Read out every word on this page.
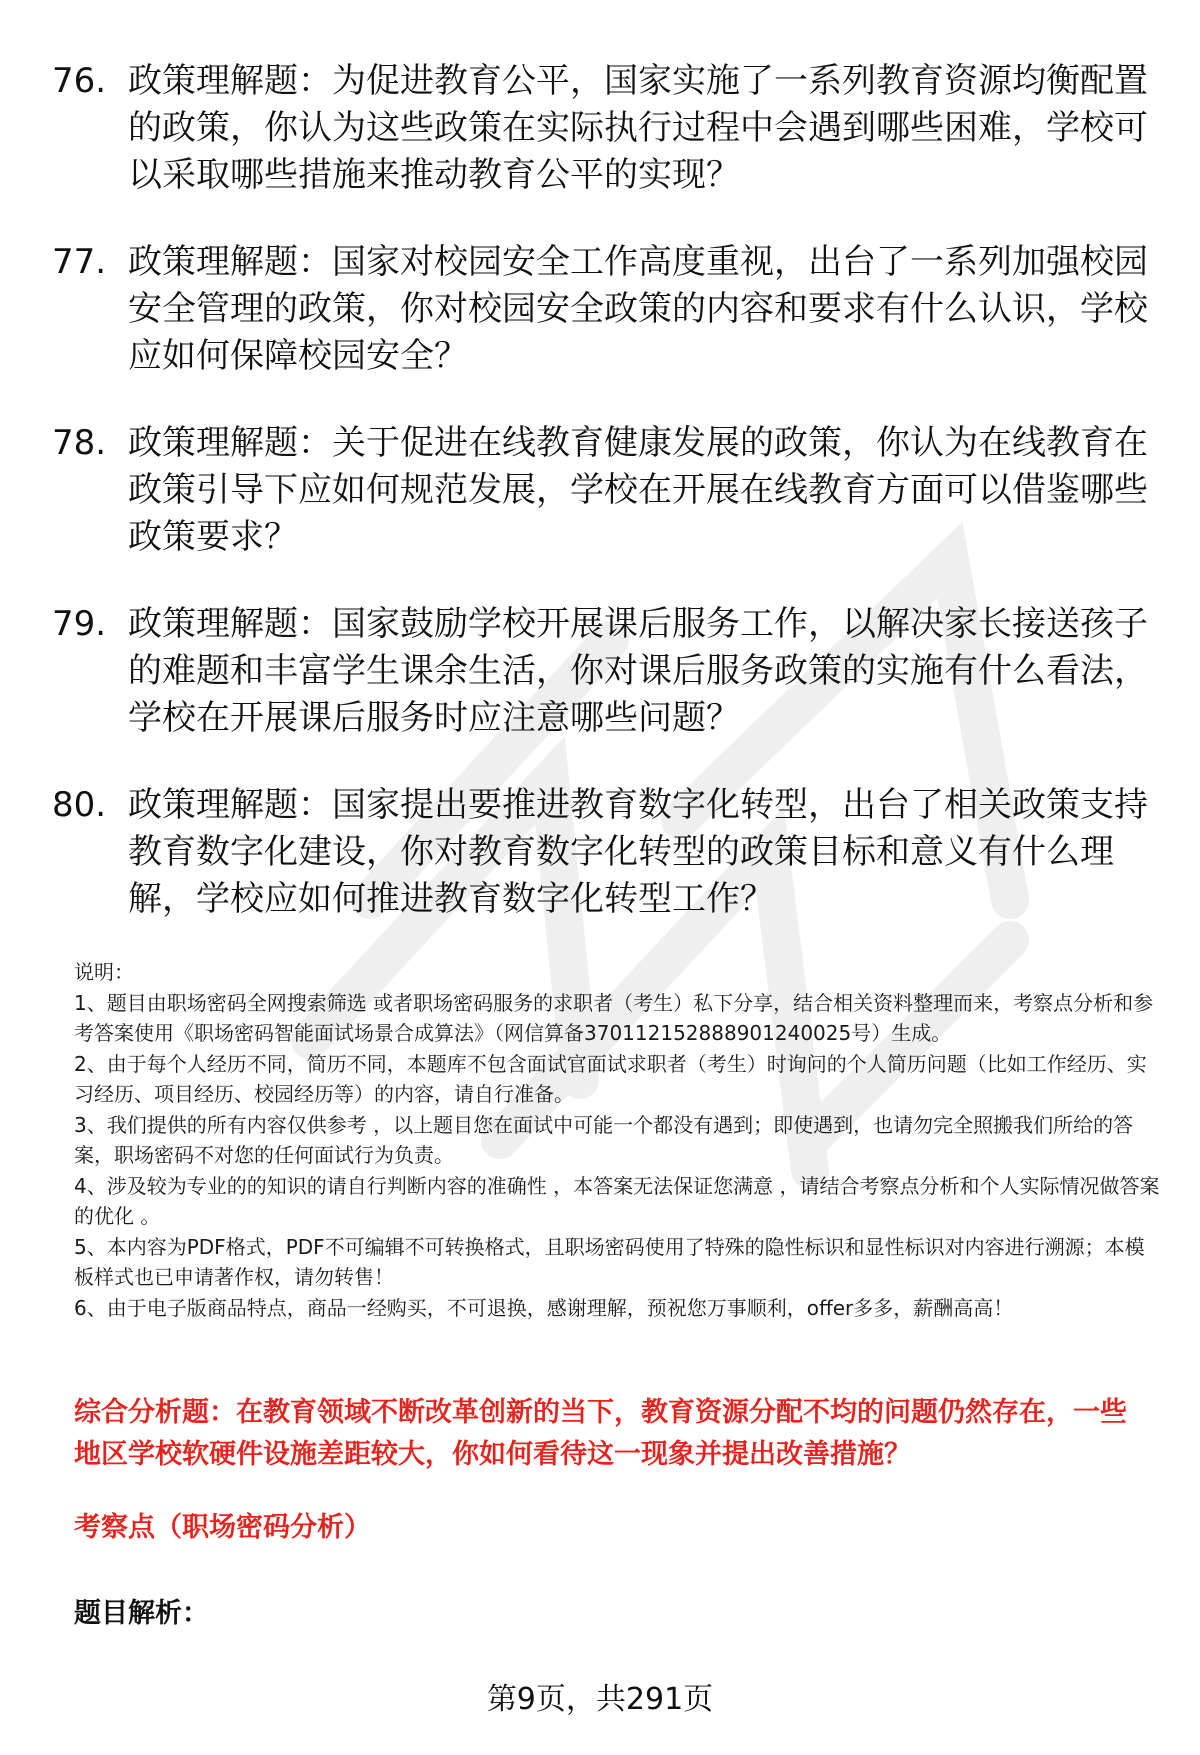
76. 政策理解题：为促进教育公平，国家实施了一系列教育资源均衡配置的政策，你认为这些政策在实际执行过程中会遇到哪些困难，学校可以采取哪些措施来推动教育公平的实现？
77. 政策理解题：国家对校园安全工作高度重视，出台了一系列加强校园安全管理的政策，你对校园安全政策的内容和要求有什么认识，学校应如何保障校园安全？
78. 政策理解题：关于促进在线教育健康发展的政策，你认为在线教育在政策引导下应如何规范发展，学校在开展在线教育方面可以借鉴哪些政策要求？
79. 政策理解题：国家鼓励学校开展课后服务工作，以解决家长接送孩子的难题和丰富学生课余生活，你对课后服务政策的实施有什么看法，学校在开展课后服务时应注意哪些问题？
80. 政策理解题：国家提出要推进教育数字化转型，出台了相关政策支持教育数字化建设，你对教育数字化转型的政策目标和意义有什么理解，学校应如何推进教育数字化转型工作？

说明：

1、题目由职场密码全网搜索筛选 或者职场密码服务的求职者（考生）私下分享，结合相关资料整理而来，考察点分析和参考答案使用《职场密码智能面试场景合成算法》（网信算备370112152888901240025号）生成。

2、由于每个人经历不同，简历不同，本题库不包含面试官面试求职者（考生）时询问的个人简历问题（比如工作经历、实习经历、项目经历、校园经历等）的内容，请自行准备。

3、我们提供的所有内容仅供参考 ，以上题目您在面试中可能一个都没有遇到；即使遇到，也请勿完全照搬我们所给的答案，职场密码不对您的任何面试行为负责。

4、涉及较为专业的的知识的请自行判断内容的准确性 ，本答案无法保证您满意 ，请结合考察点分析和个人实际情况做答案的优化 。

5、本内容为PDF格式，PDF不可编辑不可转换格式，且职场密码使用了特殊的隐性标识和显性标识对内容进行溯源；本模板样式也已申请著作权，请勿转售！

6、由于电子版商品特点，商品一经购买，不可退换，感谢理解，预祝您万事顺利，offer多多，薪酬高高！

综合分析题：在教育领域不断改革创新的当下，教育资源分配不均的问题仍然存在，一些地区学校软硬件设施差距较大，你如何看待这一现象并提出改善措施？
考察点（职场密码分析）
题目解析：
第9页，共291页
